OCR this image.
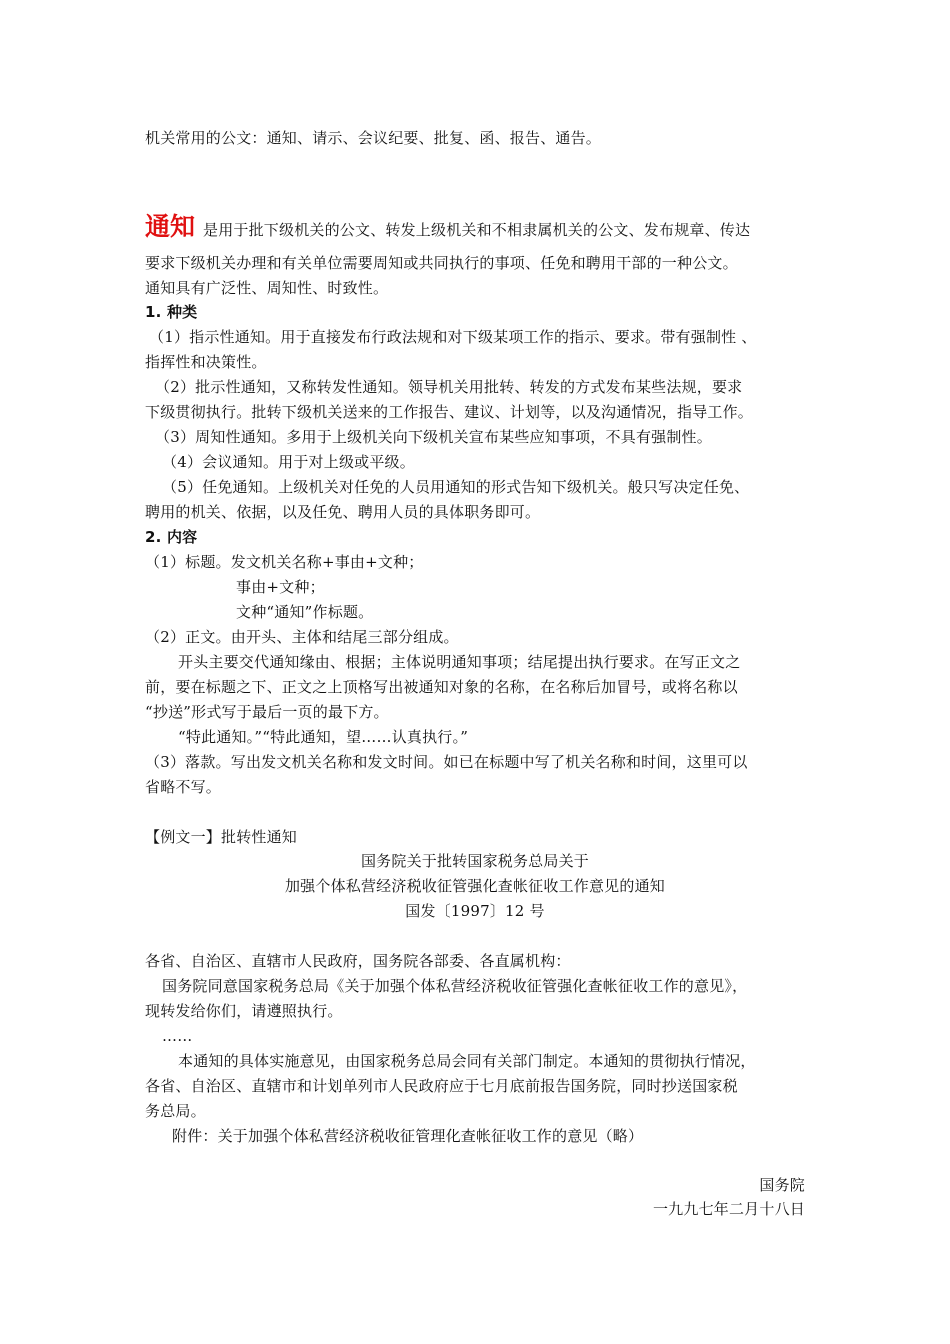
机关常用的公文：通知、请示、会议纪要、批复、函、报告、通告。
通知 是用于批下级机关的公文、转发上级机关和不相隶属机关的公文、发布规章、传达
要求下级机关办理和有关单位需要周知或共同执行的事项、任免和聘用干部的一种公文。
通知具有广泛性、周知性、时致性。
1. 种类
（1）指示性通知。用于直接发布行政法规和对下级某项工作的指示、要求。带有强制性 、
指挥性和决策性。
（2）批示性通知，又称转发性通知。领导机关用批转、转发的方式发布某些法规，要求
下级贯彻执行。批转下级机关送来的工作报告、建议、计划等，以及沟通情况，指导工作。
（3）周知性通知。多用于上级机关向下级机关宣布某些应知事项，不具有强制性。
（4）会议通知。用于对上级或平级。
（5）任免通知。上级机关对任免的人员用通知的形式告知下级机关。般只写决定任免、
聘用的机关、依据，以及任免、聘用人员的具体职务即可。
2. 内容
（1）标题。发文机关名称+事由+文种；
事由+文种；
文种“通知”作标题。
（2）正文。由开头、主体和结尾三部分组成。
开头主要交代通知缘由、根据；主体说明通知事项；结尾提出执行要求。在写正文之
前，要在标题之下、正文之上顶格写出被通知对象的名称，在名称后加冒号，或将名称以
“抄送”形式写于最后一页的最下方。
“特此通知。”“特此通知，望……认真执行。”
（3）落款。写出发文机关名称和发文时间。如已在标题中写了机关名称和时间，这里可以
省略不写。
【例文一】批转性通知
国务院关于批转国家税务总局关于
加强个体私营经济税收征管强化查帐征收工作意见的通知
国发〔1997〕12 号
各省、自治区、直辖市人民政府，国务院各部委、各直属机构：
国务院同意国家税务总局《关于加强个体私营经济税收征管强化查帐征收工作的意见》，
现转发给你们，请遵照执行。
……
本通知的具体实施意见，由国家税务总局会同有关部门制定。本通知的贯彻执行情况，
各省、自治区、直辖市和计划单列市人民政府应于七月底前报告国务院，同时抄送国家税
务总局。
附件：关于加强个体私营经济税收征管理化查帐征收工作的意见（略）
国务院
一九九七年二月十八日
